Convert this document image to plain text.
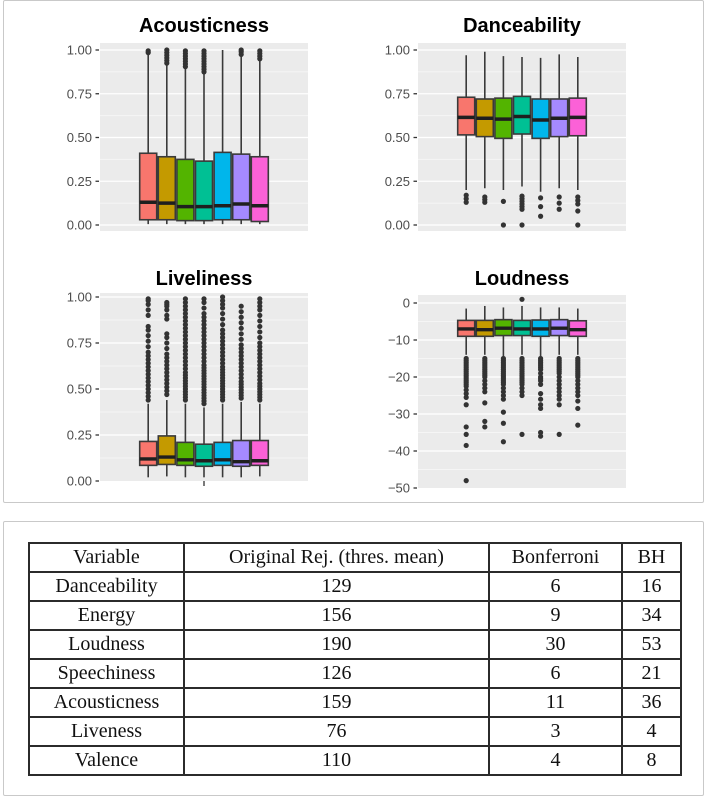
0.00
0.25
0.50
0.75
1.00
Acousticness
0.00
0.25
0.50
0.75
1.00
Danceability
0.00
0.25
0.50
0.75
1.00
Liveliness
0
−10
−20
−30
−40
−50
Loudness
Variable	Original Rej. (thres. mean)	Bonferroni	BH
Danceability	129	6	16
Energy	156	9	34
Loudness	190	30	53
Speechiness	126	6	21
Acousticness	159	11	36
Liveness	76	3	4
Valence	110	4	8
